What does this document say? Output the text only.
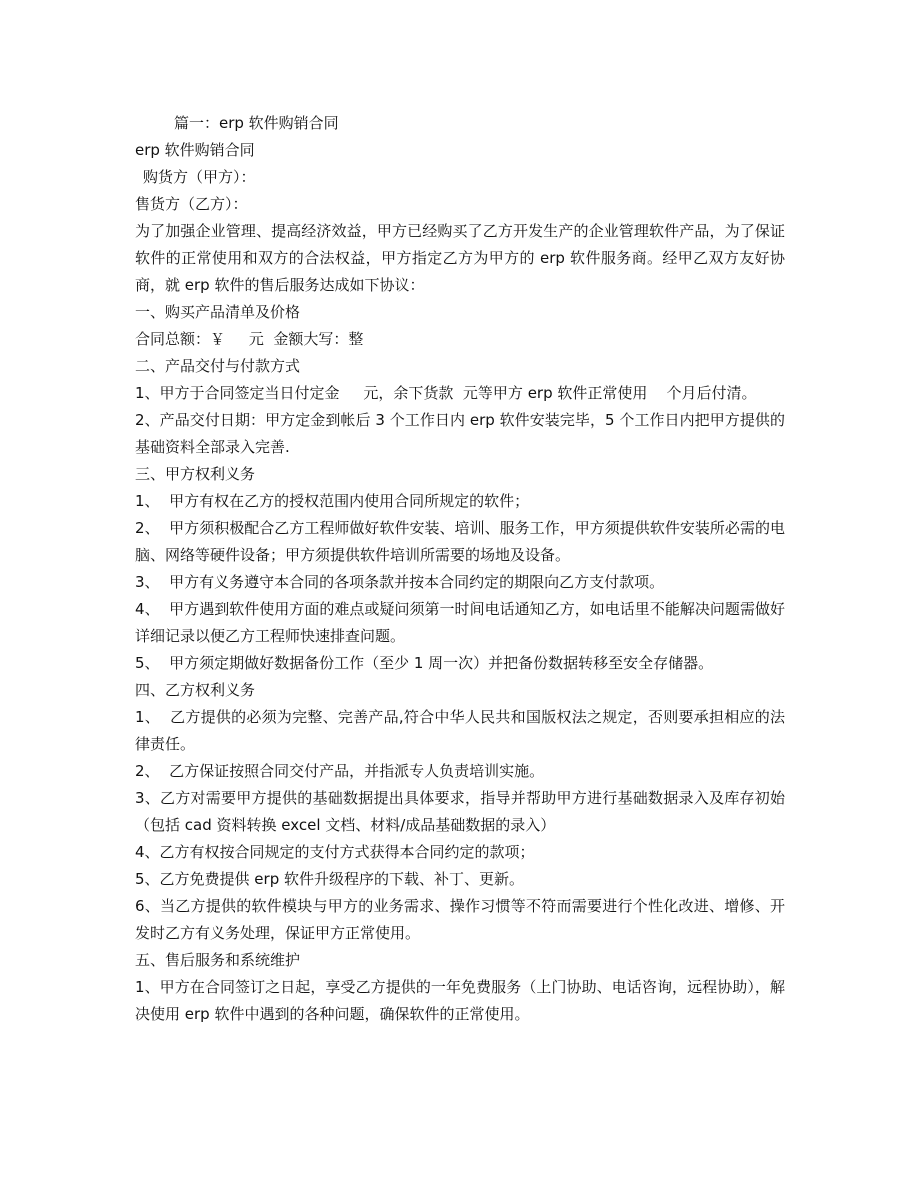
篇一：erp 软件购销合同

erp 软件购销合同

购货方（甲方）：

售货方（乙方）：

为了加强企业管理、提高经济效益，甲方已经购买了乙方开发生产的企业管理软件产品，为了保证软件的正常使用和双方的合法权益，甲方指定乙方为甲方的 erp 软件服务商。经甲乙双方友好协商，就 erp 软件的售后服务达成如下协议：

一、购买产品清单及价格

合同总额：￥     元  金额大写：整

二、产品交付与付款方式

1、甲方于合同签定当日付定金     元，余下货款  元等甲方 erp 软件正常使用    个月后付清。

2、产品交付日期：甲方定金到帐后 3 个工作日内 erp 软件安装完毕，5 个工作日内把甲方提供的基础资料全部录入完善.

三、甲方权利义务

1、  甲方有权在乙方的授权范围内使用合同所规定的软件；

2、  甲方须积极配合乙方工程师做好软件安装、培训、服务工作，甲方须提供软件安装所必需的电脑、网络等硬件设备；甲方须提供软件培训所需要的场地及设备。

3、  甲方有义务遵守本合同的各项条款并按本合同约定的期限向乙方支付款项。

4、  甲方遇到软件使用方面的难点或疑问须第一时间电话通知乙方，如电话里不能解决问题需做好详细记录以便乙方工程师快速排查问题。

5、  甲方须定期做好数据备份工作（至少 1 周一次）并把备份数据转移至安全存储器。

四、乙方权利义务

1、  乙方提供的必须为完整、完善产品,符合中华人民共和国版权法之规定，否则要承担相应的法律责任。

2、  乙方保证按照合同交付产品，并指派专人负责培训实施。

3、乙方对需要甲方提供的基础数据提出具体要求，指导并帮助甲方进行基础数据录入及库存初始（包括 cad 资料转换 excel 文档、材料/成品基础数据的录入）

4、乙方有权按合同规定的支付方式获得本合同约定的款项；

5、乙方免费提供 erp 软件升级程序的下载、补丁、更新。

6、当乙方提供的软件模块与甲方的业务需求、操作习惯等不符而需要进行个性化改进、增修、开发时乙方有义务处理，保证甲方正常使用。

五、售后服务和系统维护

1、甲方在合同签订之日起，享受乙方提供的一年免费服务（上门协助、电话咨询，远程协助），解决使用 erp 软件中遇到的各种问题，确保软件的正常使用。
